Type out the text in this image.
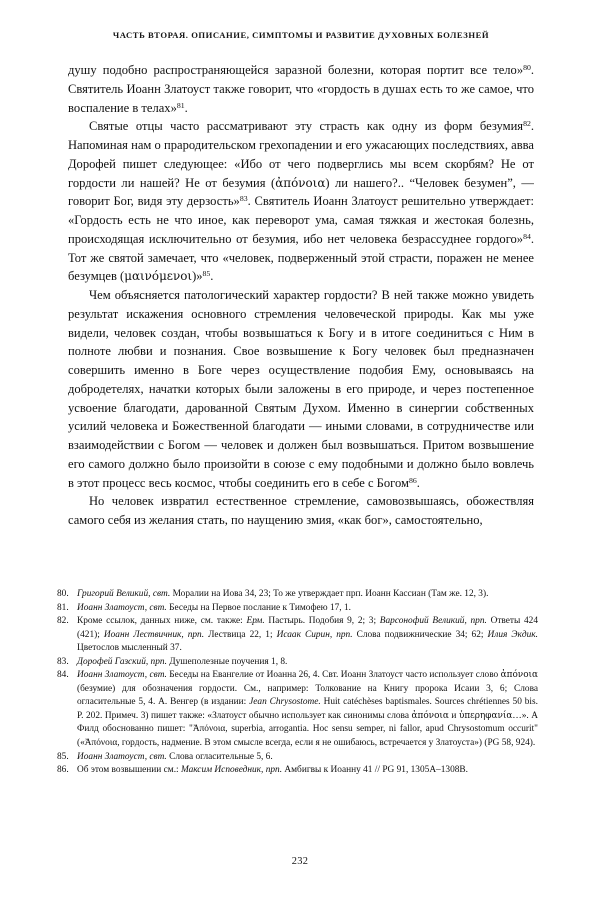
ЧАСТЬ ВТОРАЯ. ОПИСАНИЕ, СИМПТОМЫ И РАЗВИТИЕ ДУХОВНЫХ БОЛЕЗНЕЙ

душу подобно распространяющейся заразной болезни, которая портит все тело»$^{80}$. Святитель Иоанн Златоуст также говорит, что «гордость в душах есть то же самое, что воспаление в телах»$^{81}$.

Святые отцы часто рассматривают эту страсть как одну из форм безумия$^{82}$. Напоминая нам о прародительском грехопадении и его ужасающих последствиях, авва Дорофей пишет следующее: «Ибо от чего подверглись мы всем скорбям? Не от гордости ли нашей? Не от безумия (ἀπόνοια) ли нашего?.. “Человек безумен”, — говорит Бог, видя эту дерзость»$^{83}$. Святитель Иоанн Златоуст решительно утверждает: «Гордость есть не что иное, как переворот ума, самая тяжкая и жестокая болезнь, происходящая исключительно от безумия, ибо нет человека безрассуднее гордого»$^{84}$. Тот же святой замечает, что «человек, подверженный этой страсти, поражен не менее безумцев (μαινόμενοι)»$^{85}$.

Чем объясняется патологический характер гордости? В ней также можно увидеть результат искажения основного стремления человеческой природы. Как мы уже видели, человек создан, чтобы возвышаться к Богу и в итоге соединиться с Ним в полноте любви и познания. Свое возвышение к Богу человек был предназначен совершить именно в Боге через осуществление подобия Ему, основываясь на добродетелях, начатки которых были заложены в его природе, и через постепенное усвоение благодати, дарованной Святым Духом. Именно в синергии собственных усилий человека и Божественной благодати — иными словами, в сотрудничестве или взаимодействии с Богом — человек и должен был возвышаться. Притом возвышение его самого должно было произойти в союзе с ему подобными и должно было вовлечь в этот процесс весь космос, чтобы соединить его в себе с Богом$^{86}$.

Но человек извратил естественное стремление, самовозвышаясь, обожествляя самого себя из желания стать, по наущению змия, «как бог», самостоятельно,

80. Григорий Великий, свт. Моралии на Иова 34, 23; То же утверждает прп. Иоанн Кассиан (Там же. 12, 3).
81. Иоанн Златоуст, свт. Беседы на Первое послание к Тимофею 17, 1.
82. Кроме ссылок, данных ниже, см. также: Ерм. Пастырь. Подобия 9, 2; 3; Варсонофий Великий, прп. Ответы 424 (421); Иоанн Лествичник, прп. Лествица 22, 1; Исаак Сирин, прп. Слова подвижнические 34; 62; Илия Экдик. Цветослов мысленный 37.
83. Дорофей Газский, прп. Душеполезные поучения 1, 8.
84. Иоанн Златоуст, свт. Беседы на Евангелие от Иоанна 26, 4. Свт. Иоанн Златоуст часто использует слово ἀπόνοια (безумие) для обозначения гордости. См., например: Толкование на Книгу пророка Исаии 3, 6; Слова огласительные 5, 4. А. Венгер (в издании: Jean Chrysostome. Huit catéchèses baptismales. Sources chrétiennes 50 bis. P. 202. Примеч. 3) пишет также: «Златоуст обычно использует как синонимы слова ἀπόνοια и ὑπερηφανία…». А Филд обоснованно пишет: "Ἀπόνοια, superbia, arrogantia. Hoc sensu semper, ni fallor, apud Chrysostomum occurit" («Ἀπόνοια, гордость, надмение. В этом смысле всегда, если я не ошибаюсь, встречается у Златоуста») (PG 58, 924).
85. Иоанн Златоуст, свт. Слова огласительные 5, 6.
86. Об этом возвышении см.: Максим Исповедник, прп. Амбигвы к Иоанну 41 // PG 91, 1305А–1308В.
232
